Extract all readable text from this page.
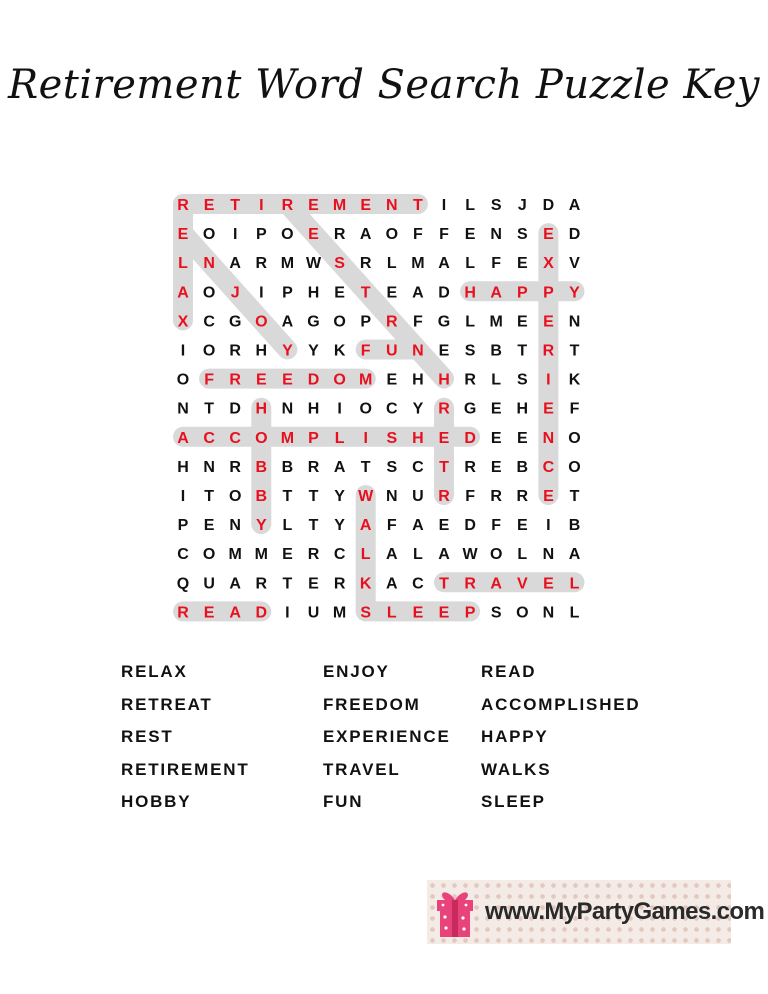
Retirement Word Search Puzzle Key
R E T I R E M E N T I L S J D A
E O I P O E R A O F F E N S E D
L N A R M W S R L M A L F E X V
A O J I P H E T E A D H A P P Y
X C G O A G O P R F G L M E E N
I O R H Y Y K F U N E S B T R T
O F R E E D O M E H H R L S I K
N T D H N H I O C Y R G E H E F
A C C O M P L I S H E D E E N O
H N R B B R A T S C T R E B C O
I T O B T T Y W N U R F R R E T
P E N Y L T Y A F A E D F E I B
C O M M E R C L A L A W O L N A
Q U A R T E R K A C T R A V E L
R E A D I U M S L E E P S O N L
RELAX
RETREAT
REST
RETIREMENT
HOBBY
ENJOY
FREEDOM
EXPERIENCE
TRAVEL
FUN
READ
ACCOMPLISHED
HAPPY
WALKS
SLEEP
www.MyPartyGames.com
